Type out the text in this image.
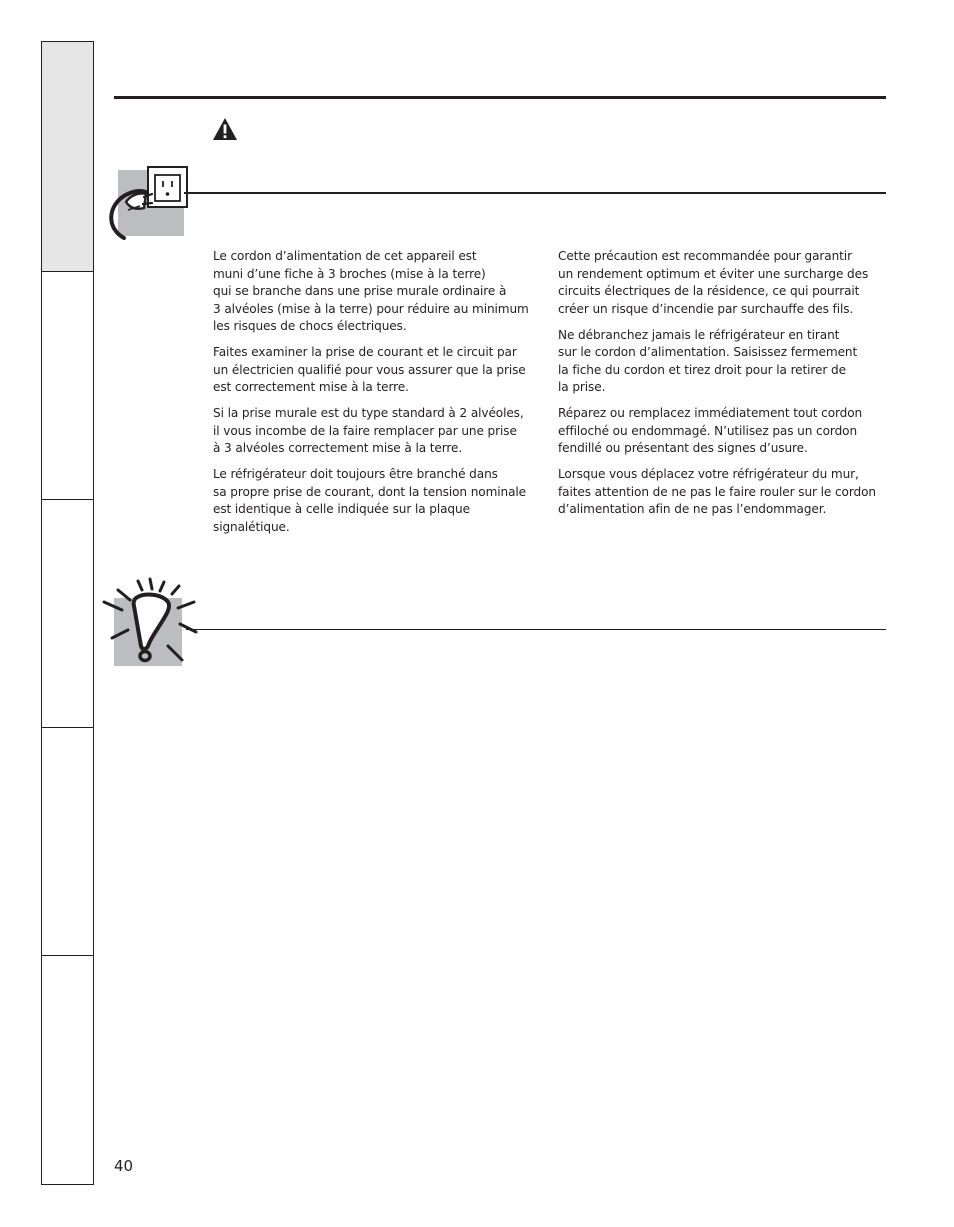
Le cordon d’alimentation de cet appareil est
muni d’une fiche à 3 broches (mise à la terre)
qui se branche dans une prise murale ordinaire à
3 alvéoles (mise à la terre) pour réduire au minimum
les risques de chocs électriques.

Faites examiner la prise de courant et le circuit par
un électricien qualifié pour vous assurer que la prise
est correctement mise à la terre.

Si la prise murale est du type standard à 2 alvéoles,
il vous incombe de la faire remplacer par une prise
à 3 alvéoles correctement mise à la terre.

Le réfrigérateur doit toujours être branché dans
sa propre prise de courant, dont la tension nominale
est identique à celle indiquée sur la plaque
signalétique.

Cette précaution est recommandée pour garantir
un rendement optimum et éviter une surcharge des
circuits électriques de la résidence, ce qui pourrait
créer un risque d’incendie par surchauffe des fils.

Ne débranchez jamais le réfrigérateur en tirant
sur le cordon d’alimentation. Saisissez fermement
la fiche du cordon et tirez droit pour la retirer de
la prise.

Réparez ou remplacez immédiatement tout cordon
effiloché ou endommagé. N’utilisez pas un cordon
fendillé ou présentant des signes d’usure.

Lorsque vous déplacez votre réfrigérateur du mur,
faites attention de ne pas le faire rouler sur le cordon
d’alimentation afin de ne pas l’endommager.

40
